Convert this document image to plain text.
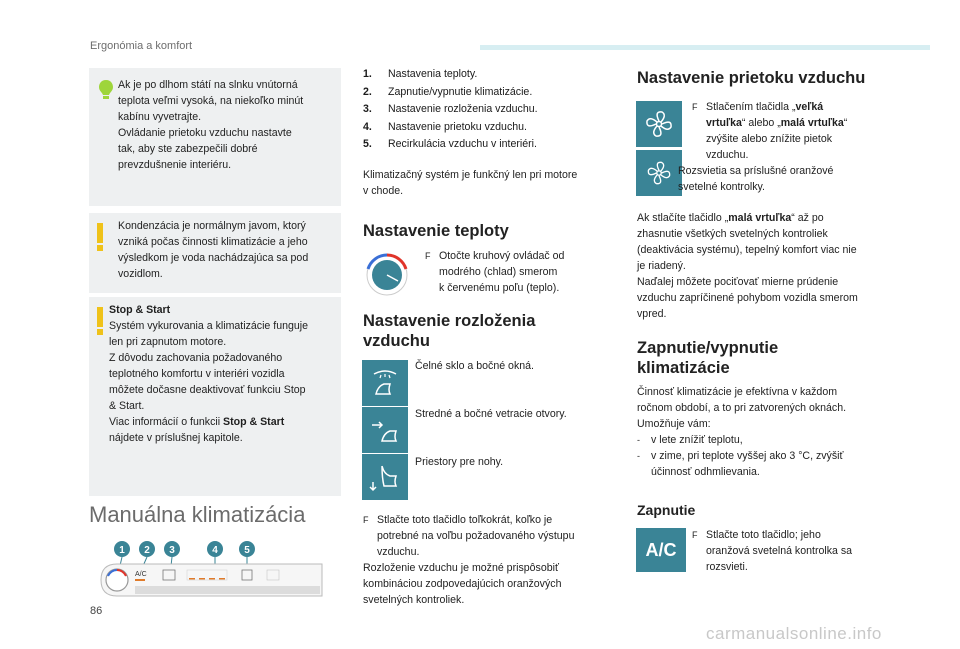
Ergonómia a komfort

Ak je po dlhom státí na slnku vnútorná

teplota veľmi vysoká, na niekoľko minút

kabínu vyvetrajte.

Ovládanie prietoku vzduchu nastavte

tak, aby ste zabezpečili dobré

prevzdušnenie interiéru.

Kondenzácia je normálnym javom, ktorý

vzniká počas činnosti klimatizácie a jeho

výsledkom je voda nachádzajúca sa pod

vozidlom.

Stop & Start

Systém vykurovania a klimatizácie funguje

len pri zapnutom motore.

Z dôvodu zachovania požadovaného

teplotného komfortu v interiéri vozidla

môžete dočasne deaktivovať funkciu Stop

& Start.

Viac informácií o funkcii Stop & Start

nájdete v príslušnej kapitole.

Manuálna klimatizácia
1 2 3	4	5
A/C
1.	Nastavenia teploty.
2.	Zapnutie/vypnutie klimatizácie.
3.	Nastavenie rozloženia vzduchu.
4.	Nastavenie prietoku vzduchu.
5.	Recirkulácia vzduchu v interiéri.

Klimatizačný systém je funkčný len pri motore

v chode.

Nastavenie teploty

F Otočte kruhový ovládač od

modrého (chlad) smerom

k červenému poľu (teplo).

Nastavenie rozloženia
vzduchu
Čelné sklo a bočné okná.
Stredné a bočné vetracie otvory.
Priestory pre nohy.

F Stlačte toto tlačidlo toľkokrát, koľko je

potrebné na voľbu požadovaného výstupu

vzduchu.

Rozloženie vzduchu je možné prispôsobiť

kombináciou zodpovedajúcich oranžových

svetelných kontroliek.

Nastavenie prietoku vzduchu

F Stlačením tlačidla „veľká

vrtuľka“ alebo „malá vrtuľka“

zvýšite alebo znížite pietok

vzduchu.

Rozsvietia sa príslušné oranžové

svetelné kontrolky.

Ak stlačíte tlačidlo „malá vrtuľka“ až po

zhasnutie všetkých svetelných kontroliek

(deaktivácia systému), tepelný komfort viac nie

je riadený.

Naďalej môžete pociťovať mierne prúdenie

vzduchu zapríčinené pohybom vozidla smerom

vpred.

Zapnutie/vypnutie
klimatizácie

Činnosť klimatizácie je efektívna v každom

ročnom období, a to pri zatvorených oknách.

Umožňuje vám:

- v lete znížiť teplotu,

- v zime, pri teplote vyššej ako 3 °C, zvýšiť

účinnosť odhmlievania.

Zapnutie
A/C

F Stlačte toto tlačidlo; jeho

oranžová svetelná kontrolka sa

rozsvieti.

86
carmanualsonline.info
